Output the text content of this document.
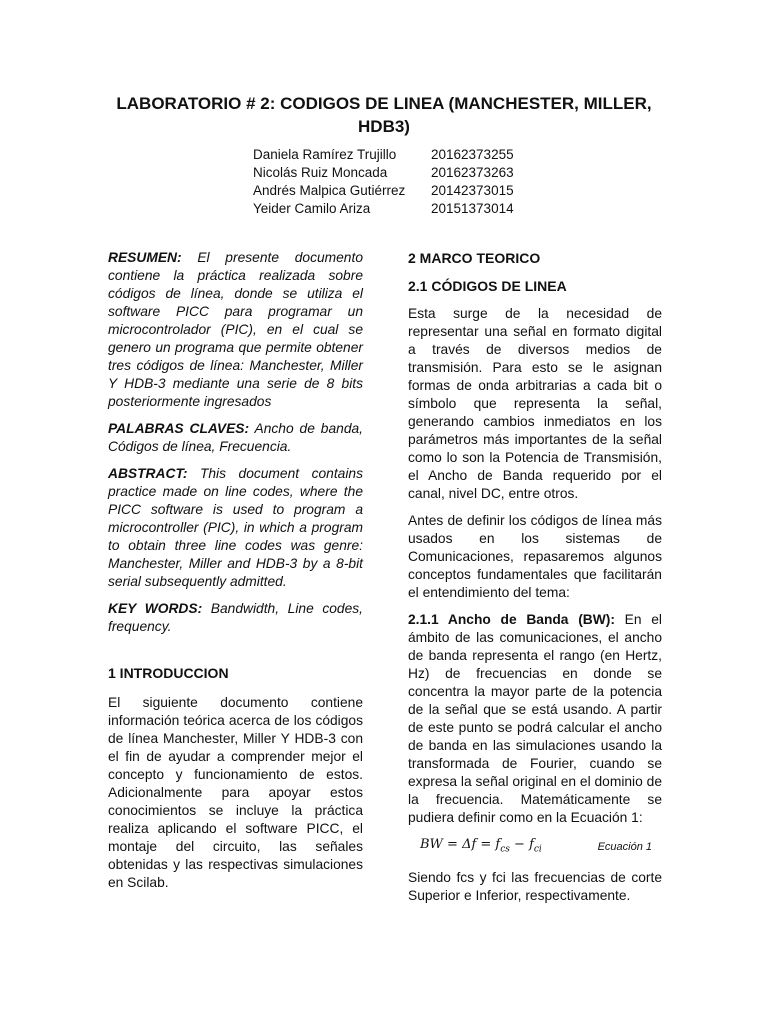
LABORATORIO # 2: CODIGOS DE LINEA (MANCHESTER, MILLER, HDB3)
Daniela Ramírez Trujillo	20162373255
Nicolás Ruiz Moncada	20162373263
Andrés Malpica Gutiérrez	20142373015
Yeider Camilo Ariza	20151373014

RESUMEN: El presente documento contiene la práctica realizada sobre códigos de línea, donde se utiliza el software PICC para programar un microcontrolador (PIC), en el cual se genero un programa que permite obtener tres códigos de línea: Manchester, Miller Y HDB-3 mediante una serie de 8 bits posteriormente ingresados

PALABRAS CLAVES: Ancho de banda, Códigos de línea, Frecuencia.

ABSTRACT: This document contains practice made on line codes, where the PICC software is used to program a microcontroller (PIC), in which a program to obtain three line codes was genre: Manchester, Miller and HDB-3 by a 8-bit serial subsequently admitted.

KEY WORDS: Bandwidth, Line codes, frequency.

1 INTRODUCCION

El siguiente documento contiene información teórica acerca de los códigos de línea Manchester, Miller Y HDB-3 con el fin de ayudar a comprender mejor el concepto y funcionamiento de estos. Adicionalmente para apoyar estos conocimientos se incluye la práctica realiza aplicando el software PICC, el montaje del circuito, las señales obtenidas y las respectivas simulaciones en Scilab.

2 MARCO TEORICO
2.1 CÓDIGOS DE LINEA

Esta surge de la necesidad de representar una señal en formato digital a través de diversos medios de transmisión. Para esto se le asignan formas de onda arbitrarias a cada bit o símbolo que representa la señal, generando cambios inmediatos en los parámetros más importantes de la señal como lo son la Potencia de Transmisión, el Ancho de Banda requerido por el canal, nivel DC, entre otros.

Antes de definir los códigos de línea más usados en los sistemas de Comunicaciones, repasaremos algunos conceptos fundamentales que facilitarán el entendimiento del tema:

2.1.1 Ancho de Banda (BW): En el ámbito de las comunicaciones, el ancho de banda representa el rango (en Hertz, Hz) de frecuencias en donde se concentra la mayor parte de la potencia de la señal que se está usando. A partir de este punto se podrá calcular el ancho de banda en las simulaciones usando la transformada de Fourier, cuando se expresa la señal original en el dominio de la frecuencia. Matemáticamente se pudiera definir como en la Ecuación 1:

BW = $\Delta f = f_{cs} - f_{ci}$	Ecuación 1

Siendo fcs y fci las frecuencias de corte Superior e Inferior, respectivamente.
